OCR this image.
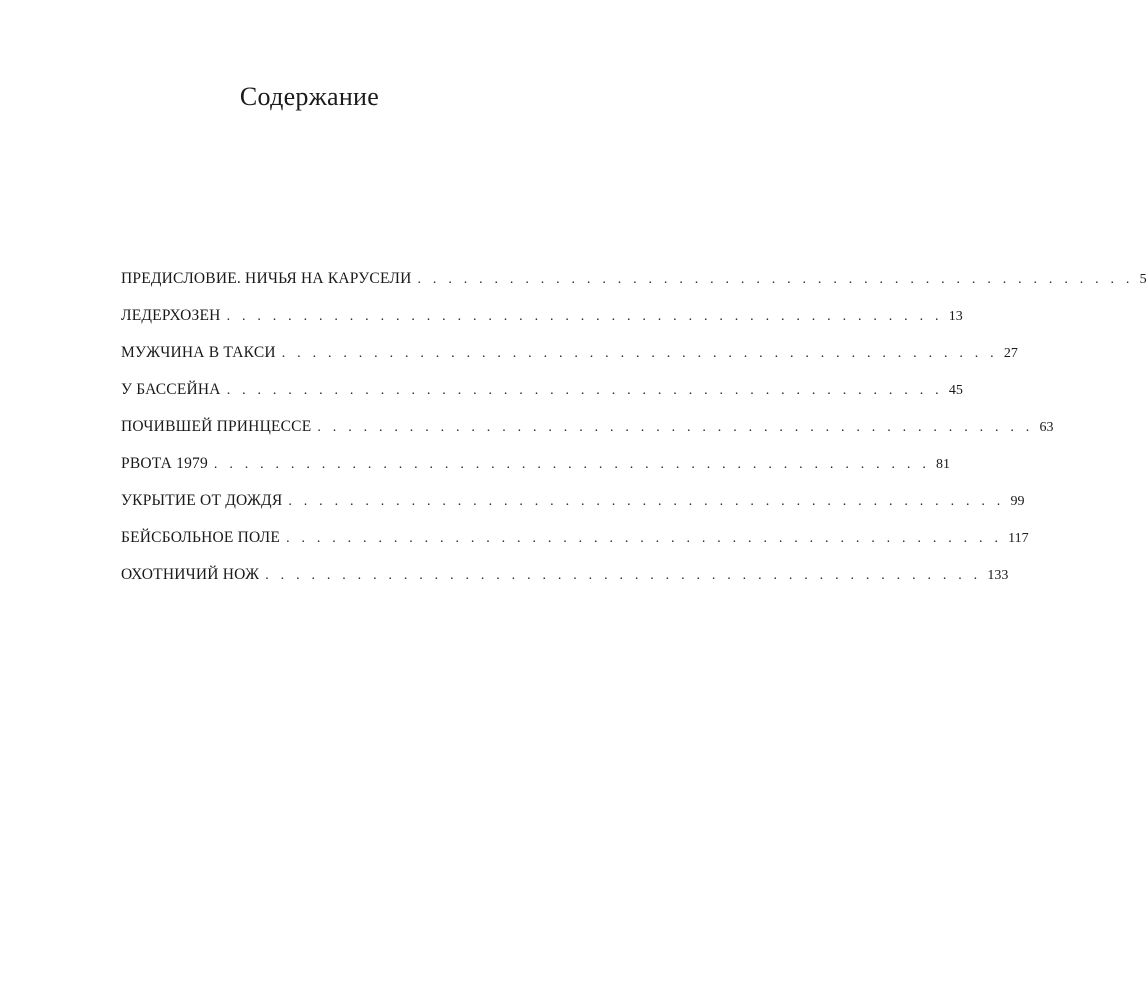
Содержание
ПРЕДИСЛОВИЕ. НИЧЬЯ НА КАРУСЕЛИ . . . . . . . . . . . . . . . . . . . . . . . . . . . . . . . . . . . . . . . . . . . . . . . 5
ЛЕДЕРХОЗЕН . . . . . . . . . . . . . . . . . . . . . . . . . . . . . . . . . . . . . . . . . . . . . . . 13
МУЖЧИНА В ТАКСИ . . . . . . . . . . . . . . . . . . . . . . . . . . . . . . . . . . . . . . . . . . . . . . . 27
У БАССЕЙНА . . . . . . . . . . . . . . . . . . . . . . . . . . . . . . . . . . . . . . . . . . . . . . . 45
ПОЧИВШЕЙ ПРИНЦЕССЕ . . . . . . . . . . . . . . . . . . . . . . . . . . . . . . . . . . . . . . . . . . . . . . . 63
РВОТА 1979 . . . . . . . . . . . . . . . . . . . . . . . . . . . . . . . . . . . . . . . . . . . . . . . 81
УКРЫТИЕ ОТ ДОЖДЯ . . . . . . . . . . . . . . . . . . . . . . . . . . . . . . . . . . . . . . . . . . . . . . . 99
БЕЙСБОЛЬНОЕ ПОЛЕ . . . . . . . . . . . . . . . . . . . . . . . . . . . . . . . . . . . . . . . . . . . . . . . 117
ОХОТНИЧИЙ НОЖ . . . . . . . . . . . . . . . . . . . . . . . . . . . . . . . . . . . . . . . . . . . . . . . 133
